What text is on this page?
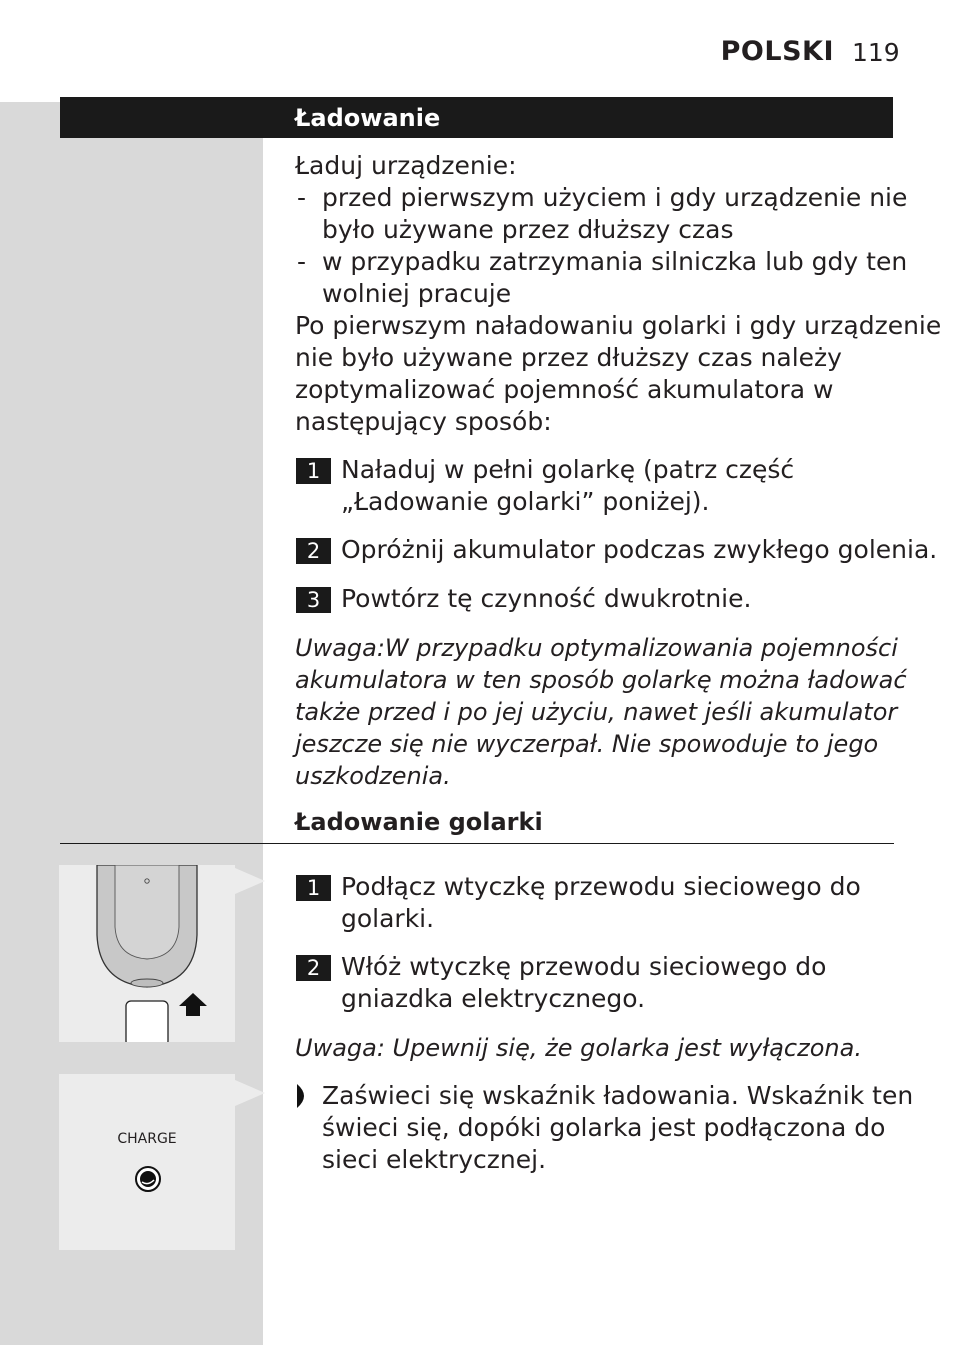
POLSKI 119
Ładowanie
Ładuj urządzenie:
- przed pierwszym użyciem i gdy urządzenie nie
było używane przez dłuższy czas
- w przypadku zatrzymania silniczka lub gdy ten
wolniej pracuje
Po pierwszym naładowaniu golarki i gdy urządzenie
nie było używane przez dłuższy czas należy
zoptymalizować pojemność akumulatora w
następujący sposób:
1 Naładuj w pełni golarkę (patrz część
„Ładowanie golarki” poniżej).
2 Opróżnij akumulator podczas zwykłego golenia.
3 Powtórz tę czynność dwukrotnie.
Uwaga:W przypadku optymalizowania pojemności
akumulatora w ten sposób golarkę można ładować
także przed i po jej użyciu, nawet jeśli akumulator
jeszcze się nie wyczerpał. Nie spowoduje to jego
uszkodzenia.
Ładowanie golarki
1 Podłącz wtyczkę przewodu sieciowego do
golarki.
2 Włóż wtyczkę przewodu sieciowego do
gniazdka elektrycznego.
Uwaga: Upewnij się, że golarka jest wyłączona.
CHARGE
Zaświeci się wskaźnik ładowania. Wskaźnik ten
świeci się, dopóki golarka jest podłączona do
sieci elektrycznej.
